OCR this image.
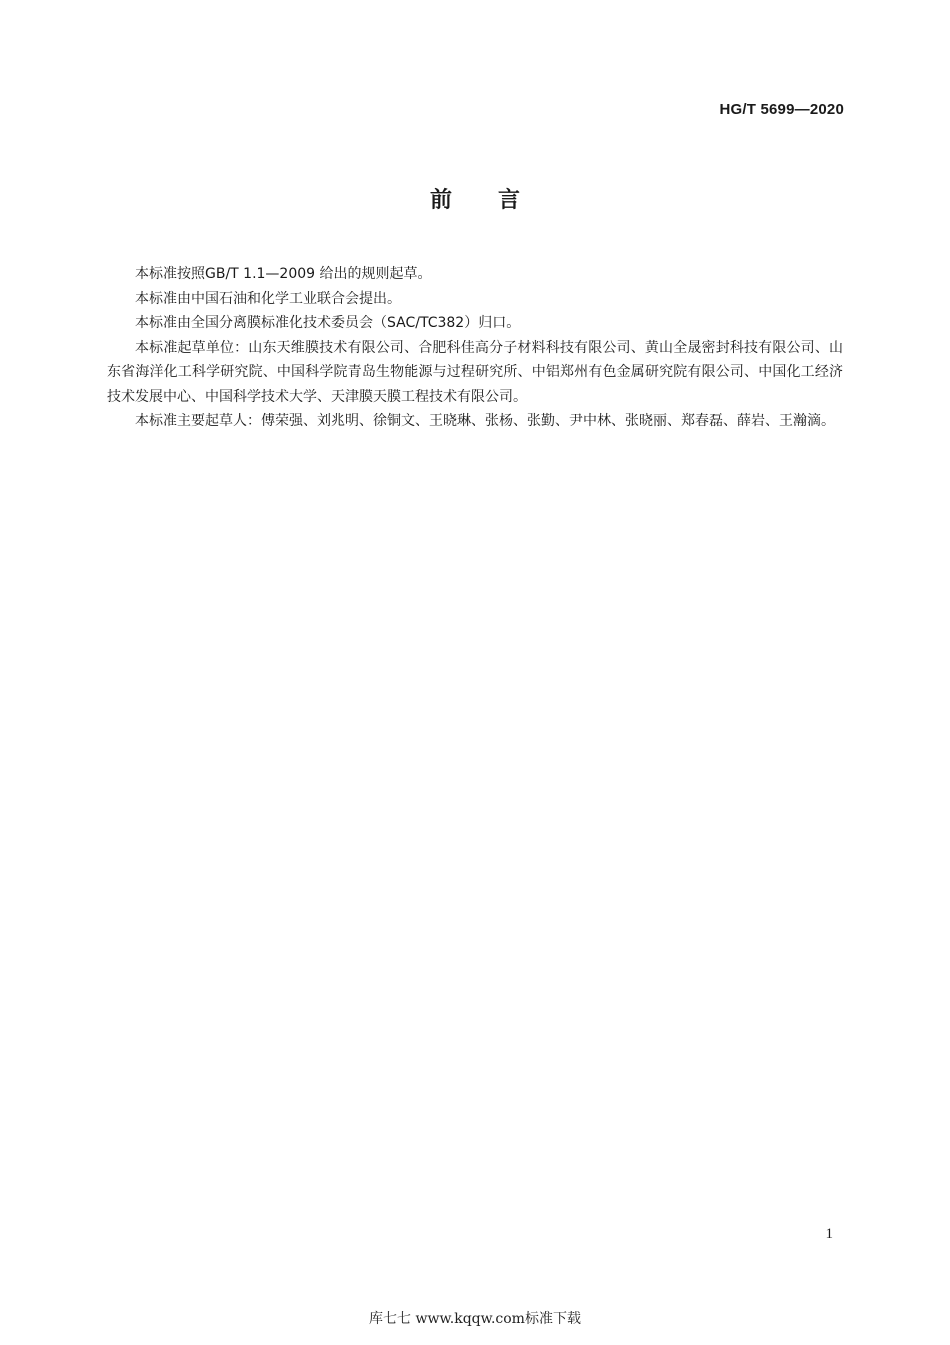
HG/T 5699—2020
前言

本标准按照GB/T 1.1—2009 给出的规则起草。

本标准由中国石油和化学工业联合会提出。

本标准由全国分离膜标准化技术委员会（SAC/TC382）归口。

本标准起草单位：山东天维膜技术有限公司、合肥科佳高分子材料科技有限公司、黄山全晟密封科技有限公司、山东省海洋化工科学研究院、中国科学院青岛生物能源与过程研究所、中铝郑州有色金属研究院有限公司、中国化工经济技术发展中心、中国科学技术大学、天津膜天膜工程技术有限公司。

本标准主要起草人：傅荣强、刘兆明、徐铜文、王晓琳、张杨、张勤、尹中林、张晓丽、郑春磊、薛岩、王瀚滴。

1
库七七 www.kqqw.com标准下载
